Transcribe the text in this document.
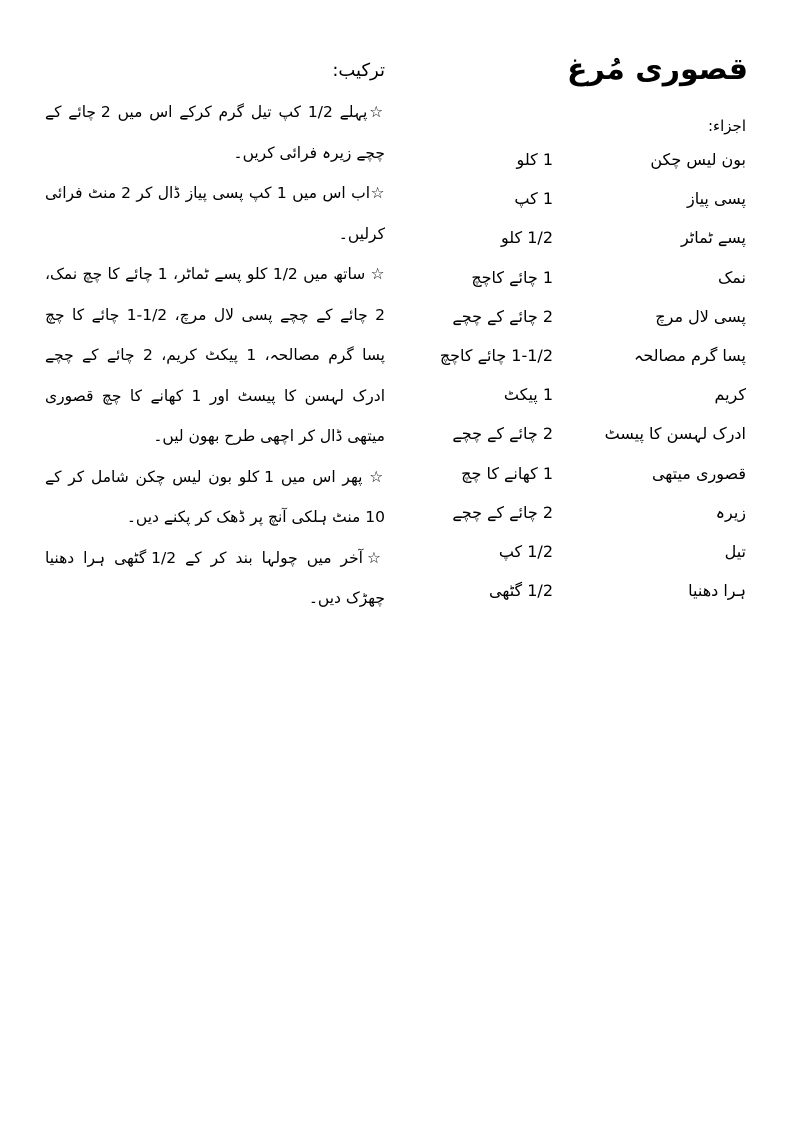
قصوری مُرغ
اجزاء:
بون لیس چکن
1 کلو
پسی پیاز
1 کپ
پسے ٹماٹر
1/2 کلو
نمک
1 چائے کاچچ
پسی لال مرچ
2 چائے کے چچے
پسا گرم مصالحہ
1-1/2 چائے کاچچ
کریم
1 پیکٹ
ادرک لہسن کا پیسٹ
2 چائے کے چچے
قصوری میتھی
1 کھانے کا چچ
زیرہ
2 چائے کے چچے
تیل
1/2 کپ
ہرا دھنیا
1/2 گٹھی
ترکیب:

☆پہلے 1/2 کپ تیل گرم کرکے اس میں 2 چائے کے چچے زیرہ فرائی کریں۔

☆اب اس میں 1 کپ پسی پیاز ڈال کر 2 منٹ فرائی کرلیں۔

☆ ساتھ میں 1/2 کلو پسے ٹماٹر، 1 چائے کا چچ نمک، 2 چائے کے چچے پسی لال مرچ، 1/2-1 چائے کا چچ پسا گرم مصالحہ، 1 پیکٹ کریم، 2 چائے کے چچے ادرک لہسن کا پیسٹ اور 1 کھانے کا چچ قصوری میتھی ڈال کر اچھی طرح بھون لیں۔

☆ پھر اس میں 1 کلو بون لیس چکن شامل کر کے 10 منٹ ہلکی آنچ پر ڈھک کر پکنے دیں۔

☆آخر میں چولہا بند کر کے 1/2 گٹھی ہرا دھنیا چھڑک دیں۔
